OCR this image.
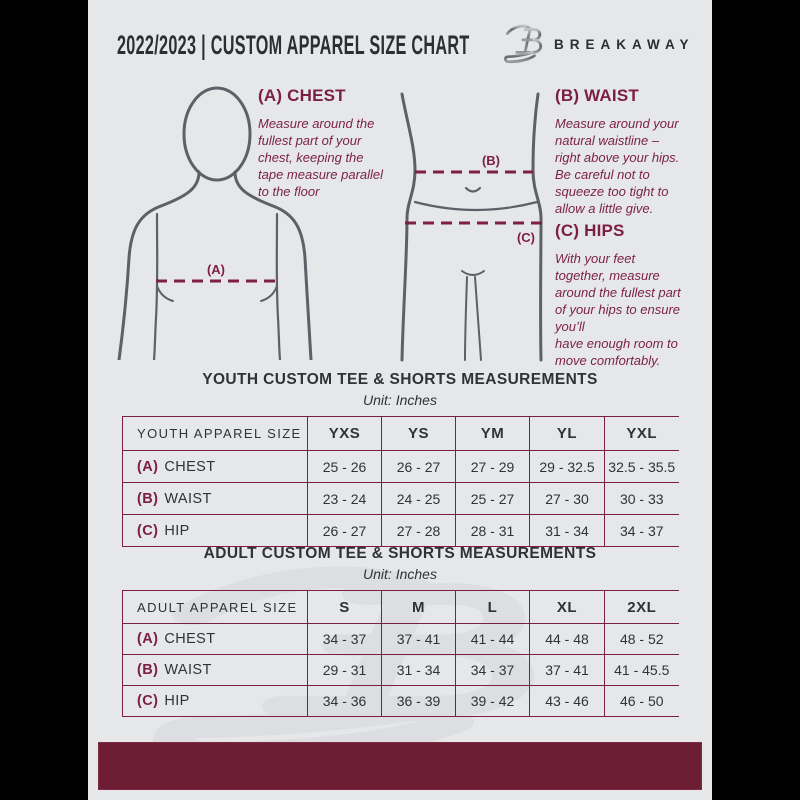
2022/2023 | CUSTOM APPAREL SIZE CHART	BREAKAWAY
(A)
(B)
(C)
(A) CHEST

Measure around the
fullest part of your
chest, keeping the
tape measure parallel
to the floor

(B) WAIST

Measure around your
natural waistline –
right above your hips.
Be careful not to
squeeze too tight to
allow a little give.

(C) HIPS

With your feet
together, measure
around the fullest part
of your hips to ensure
you’ll
have enough room to
move comfortably.

YOUTH CUSTOM TEE & SHORTS MEASUREMENTS
Unit: Inches
YOUTH APPAREL SIZE	YXS	YS	YM	YL	YXL
(A) CHEST	25 - 26	26 - 27	27 - 29	29 - 32.5	32.5 - 35.5
(B) WAIST	23 - 24	24 - 25	25 - 27	27 - 30	30 - 33
(C) HIP	26 - 27	27 - 28	28 - 31	31 - 34	34 - 37
ADULT CUSTOM TEE & SHORTS MEASUREMENTS
Unit: Inches
ADULT APPAREL SIZE	S	M	L	XL	2XL
(A) CHEST	34 - 37	37 - 41	41 - 44	44 - 48	48 - 52
(B) WAIST	29 - 31	31 - 34	34 - 37	37 - 41	41 - 45.5
(C) HIP	34 - 36	36 - 39	39 - 42	43 - 46	46 - 50
